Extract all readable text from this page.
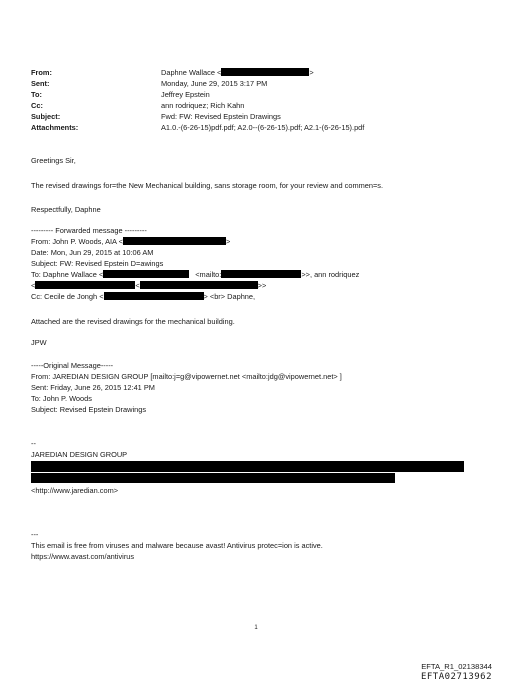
From:	Daphne Wallace <	>
Sent:	Monday, June 29, 2015 3:17 PM
To:	Jeffrey Epstein
Cc:	ann rodriquez; Rich Kahn
Subject:	Fwd: FW: Revised Epstein Drawings
Attachments:	A1.0.-(6-26-15)pdf.pdf; A2.0--(6-26-15).pdf; A2.1-(6-26-15).pdf
Greetings Sir,
The revised drawings for=the New Mechanical building, sans storage room, for your review and commen=s.
Respectfully, Daphne
--------- Forwarded message ---------
From: John P. Woods, AIA <	>
Date: Mon, Jun 29, 2015 at 10:06 AM
Subject: FW: Revised Epstein D=awings
To: Daphne Wallace <	<mailto:	>>, ann rodriquez
<	<	>>
Cc: Cecile de Jongh <	> <br> Daphne,
Attached are the revised drawings for the mechanical building.
JPW
-----Original Message-----
From: JAREDIAN DESIGN GROUP [mailto:j=g@vipowernet.net <mailto:jdg@vipowernet.net> ]
Sent: Friday, June 26, 2015 12:41 PM
To: John P. Woods
Subject: Revised Epstein Drawings
--
JAREDIAN DESIGN GROUP
<http://www.jaredian.com>
---
This email is free from viruses and malware because avast! Antivirus protec=ion is active.
https://www.avast.com/antivirus
1
EFTA_R1_02138344
EFTA02713962
